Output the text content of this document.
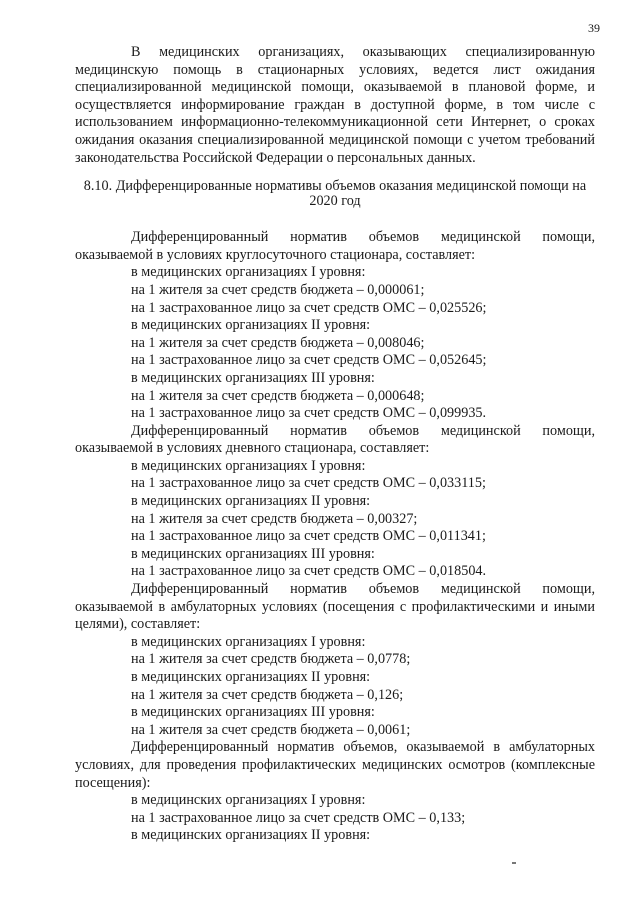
39

В медицинских организациях, оказывающих специализированную медицинскую помощь в стационарных условиях, ведется лист ожидания специализированной медицинской помощи, оказываемой в плановой форме, и осуществляется информирование граждан в доступной форме, в том числе с использованием информационно-телекоммуникационной сети Интернет, о сроках ожидания оказания специализированной медицинской помощи с учетом требований законодательства Российской Федерации о персональных данных.

8.10. Дифференцированные нормативы объемов оказания медицинской помощи на 2020 год

Дифференцированный норматив объемов медицинской помощи, оказываемой в условиях круглосуточного стационара, составляет:

в медицинских организациях I уровня:

на 1 жителя за счет средств бюджета – 0,000061;

на 1 застрахованное лицо за счет средств ОМС – 0,025526;

в медицинских организациях II уровня:

на 1 жителя за счет средств бюджета – 0,008046;

на 1 застрахованное лицо за счет средств ОМС – 0,052645;

в медицинских организациях III уровня:

на 1 жителя за счет средств бюджета – 0,000648;

на 1 застрахованное лицо за счет средств ОМС – 0,099935.

Дифференцированный норматив объемов медицинской помощи, оказываемой в условиях дневного стационара, составляет:

в медицинских организациях I уровня:

на 1 застрахованное лицо за счет средств ОМС – 0,033115;

в медицинских организациях II уровня:

на 1 жителя за счет средств бюджета – 0,00327;

на 1 застрахованное лицо за счет средств ОМС – 0,011341;

в медицинских организациях III уровня:

на 1 застрахованное лицо за счет средств ОМС – 0,018504.

Дифференцированный норматив объемов медицинской помощи, оказываемой в амбулаторных условиях (посещения с профилактическими и иными целями), составляет:

в медицинских организациях I уровня:

на 1 жителя за счет средств бюджета – 0,0778;

в медицинских организациях II уровня:

на 1 жителя за счет средств бюджета – 0,126;

в медицинских организациях III уровня:

на 1 жителя за счет средств бюджета – 0,0061;

Дифференцированный норматив объемов, оказываемой в амбулаторных условиях, для проведения профилактических медицинских осмотров (комплексные посещения):

в медицинских организациях I уровня:

на 1 застрахованное лицо за счет средств ОМС – 0,133;

в медицинских организациях II уровня:
